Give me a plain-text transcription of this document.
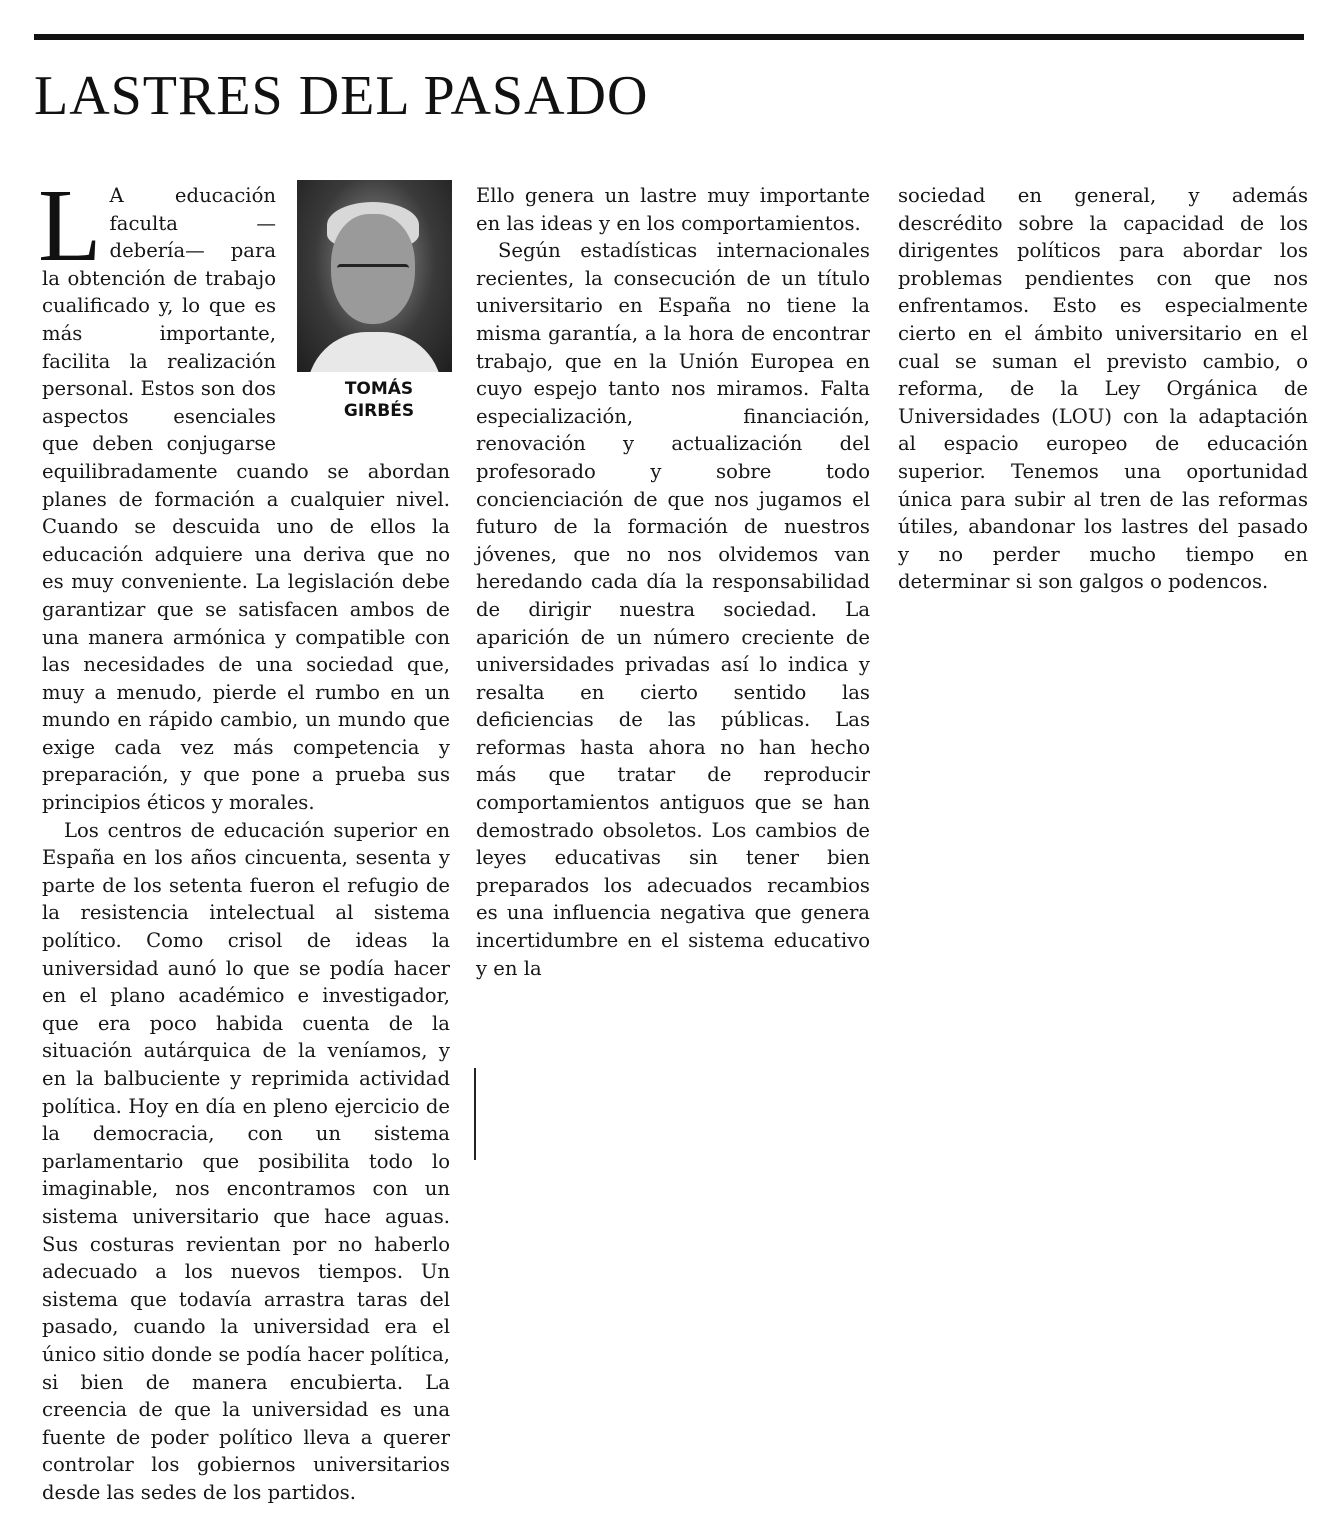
LASTRES DEL PASADO
TOMÁS
GIRBÉS

L A educación faculta —debería— para la obtención de trabajo cualificado y, lo que es más importante, facilita la realización personal. Estos son dos aspectos esenciales que deben conjugarse equilibradamente cuando se abordan planes de formación a cualquier nivel. Cuando se descuida uno de ellos la educación adquiere una deriva que no es muy conveniente. La legislación debe garantizar que se satisfacen ambos de una manera armónica y compatible con las necesidades de una sociedad que, muy a menudo, pierde el rumbo en un mundo en rápido cambio, un mundo que exige cada vez más competencia y preparación, y que pone a prueba sus principios éticos y morales.

Los centros de educación superior en España en los años cincuenta, sesenta y parte de los setenta fueron el refugio de la resistencia intelectual al sistema político. Como crisol de ideas la universidad aunó lo que se podía hacer en el plano académico e investigador, que era poco habida cuenta de la situación autárquica de la veníamos, y en la balbuciente y reprimida actividad política. Hoy en día en pleno ejercicio de la democracia, con un sistema parlamentario que posibilita todo lo imaginable, nos encontramos con un sistema universitario que hace aguas. Sus costuras revientan por no haberlo adecuado a los nuevos tiempos. Un sistema que todavía arrastra taras del pasado, cuando la universidad era el único sitio donde se podía hacer política, si bien de manera encubierta. La creencia de que la universidad es una fuente de poder político lleva a querer controlar los gobiernos universitarios desde las sedes de los partidos.

Ello genera un lastre muy importante en las ideas y en los comportamientos.

Según estadísticas internacionales recientes, la consecución de un título universitario en España no tiene la misma garantía, a la hora de encontrar trabajo, que en la Unión Europea en cuyo espejo tanto nos miramos. Falta especialización, financiación, renovación y actualización del profesorado y sobre todo concienciación de que nos jugamos el futuro de la formación de nuestros jóvenes, que no nos olvidemos van heredando cada día la responsabilidad de dirigir nuestra sociedad. La aparición de un número creciente de universidades privadas así lo indica y resalta en cierto sentido las deficiencias de las públicas. Las reformas hasta ahora no han hecho más que tratar de reproducir comportamientos antiguos que se han demostrado obsoletos. Los cambios de leyes educativas sin tener bien preparados los adecuados recambios es una influencia negativa que genera incertidumbre en el sistema educativo y en la

sociedad en general, y además descrédito sobre la capacidad de los dirigentes políticos para abordar los problemas pendientes con que nos enfrentamos. Esto es especialmente cierto en el ámbito universitario en el cual se suman el previsto cambio, o reforma, de la Ley Orgánica de Universidades (LOU) con la adaptación al espacio europeo de educación superior. Tenemos una oportunidad única para subir al tren de las reformas útiles, abandonar los lastres del pasado y no perder mucho tiempo en determinar si son galgos o podencos.
